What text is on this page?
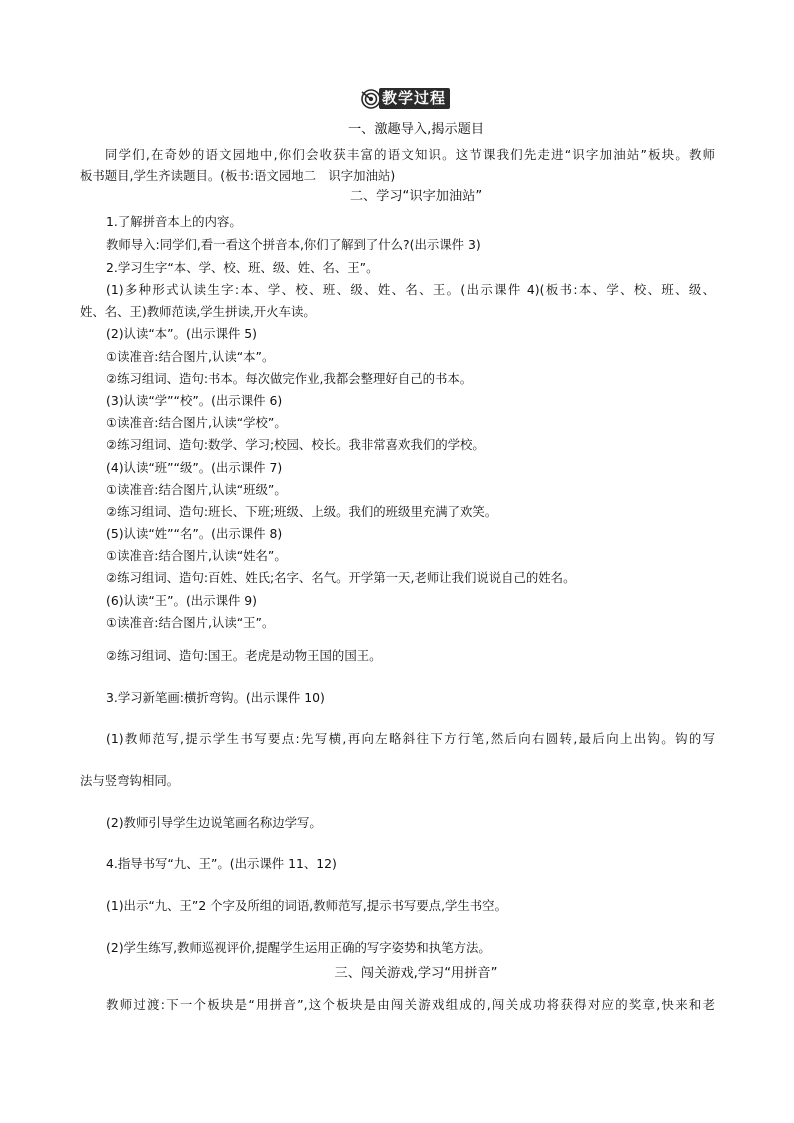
教学过程

一、激趣导入,揭示题目

同学们,在奇妙的语文园地中,你们会收获丰富的语文知识。这节课我们先走进“识字加油站”板块。教师

板书题目,学生齐读题目。(板书:语文园地二　识字加油站)

二、学习“识字加油站”

1.了解拼音本上的内容。

教师导入:同学们,看一看这个拼音本,你们了解到了什么?(出示课件 3)

2.学习生字“本、学、校、班、级、姓、名、王”。

(1)多种形式认读生字:本、学、校、班、级、姓、名、王。(出示课件 4)(板书:本、学、校、班、级、

姓、名、王)教师范读,学生拼读,开火车读。

(2)认读“本”。(出示课件 5)

①读准音:结合图片,认读“本”。

②练习组词、造句:书本。每次做完作业,我都会整理好自己的书本。

(3)认读“学”“校”。(出示课件 6)

①读准音:结合图片,认读“学校”。

②练习组词、造句:数学、学习;校园、校长。我非常喜欢我们的学校。

(4)认读“班”“级”。(出示课件 7)

①读准音:结合图片,认读“班级”。

②练习组词、造句:班长、下班;班级、上级。我们的班级里充满了欢笑。

(5)认读“姓”“名”。(出示课件 8)

①读准音:结合图片,认读“姓名”。

②练习组词、造句:百姓、姓氏;名字、名气。开学第一天,老师让我们说说自己的姓名。

(6)认读“王”。(出示课件 9)

①读准音:结合图片,认读“王”。

②练习组词、造句:国王。老虎是动物王国的国王。

3.学习新笔画:横折弯钩。(出示课件 10)

(1)教师范写,提示学生书写要点:先写横,再向左略斜往下方行笔,然后向右圆转,最后向上出钩。钩的写

法与竖弯钩相同。

(2)教师引导学生边说笔画名称边学写。

4.指导书写“九、王”。(出示课件 11、12)

(1)出示“九、王”2 个字及所组的词语,教师范写,提示书写要点,学生书空。

(2)学生练写,教师巡视评价,提醒学生运用正确的写字姿势和执笔方法。

三、闯关游戏,学习“用拼音”

教师过渡:下一个板块是“用拼音”,这个板块是由闯关游戏组成的,闯关成功将获得对应的奖章,快来和老
